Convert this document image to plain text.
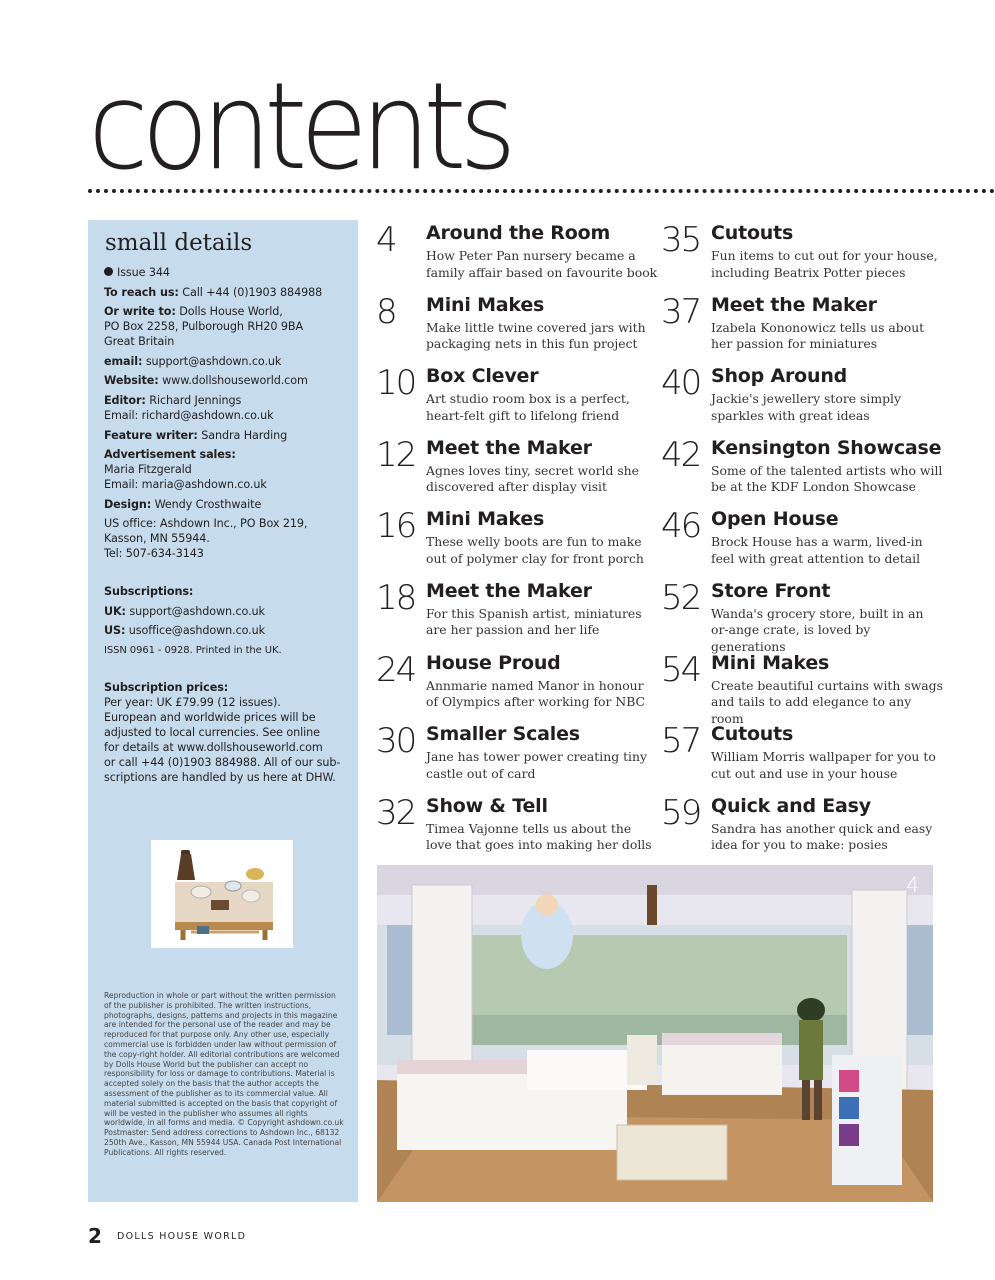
contents
small details
Issue 344
To reach us: Call +44 (0)1903 884988
Or write to: Dolls House World,
PO Box 2258, Pulborough RH20 9BA
Great Britain
email: support@ashdown.co.uk
Website: www.dollshouseworld.com
Editor: Richard Jennings
Email: richard@ashdown.co.uk
Feature writer: Sandra Harding
Advertisement sales:
Maria Fitzgerald
Email: maria@ashdown.co.uk
Design: Wendy Crosthwaite
US office: Ashdown Inc., PO Box 219,
Kasson, MN 55944.
Tel: 507-634-3143
Subscriptions:
UK: support@ashdown.co.uk
US: usoffice@ashdown.co.uk
ISSN 0961 - 0928. Printed in the UK.
Subscription prices:
Per year: UK £79.99 (12 issues).
European and worldwide prices will be
adjusted to local currencies. See online
for details at www.dollshouseworld.com
or call +44 (0)1903 884988. All of our sub-
scriptions are handled by us here at DHW.
Reproduction in whole or part without the written permission of the publisher is prohibited. The written instructions, photographs, designs, patterns and projects in this magazine are intended for the personal use of the reader and may be reproduced for that purpose only. Any other use, especially commercial use is forbidden under law without permission of the copy-right holder. All editorial contributions are welcomed by Dolls House World but the publisher can accept no responsibility for loss or damage to contributions. Material is accepted solely on the basis that the author accepts the assessment of the publisher as to its commercial value. All material submitted is accepted on the basis that copyright of will be vested in the publisher who assumes all rights worldwide, in all forms and media. © Copyright ashdown.co.uk Postmaster: Send address corrections to Ashdown Inc., 68132 250th Ave., Kasson, MN 55944 USA. Canada Post International Publications. All rights reserved.
4	Around the Room
How Peter Pan nursery became a family affair based on favourite book
8	Mini Makes
Make little twine covered jars with packaging nets in this fun project
10 Box Clever
Art studio room box is a perfect, heart-felt gift to lifelong friend
12 Meet the Maker
Agnes loves tiny, secret world she discovered after display visit
16 Mini Makes
These welly boots are fun to make out of polymer clay for front porch
18 Meet the Maker
For this Spanish artist, miniatures are her passion and her life
24 House Proud
Annmarie named Manor in honour of Olympics after working for NBC
30 Smaller Scales
Jane has tower power creating tiny castle out of card
32 Show & Tell
Timea Vajonne tells us about the love that goes into making her dolls
35 Cutouts
Fun items to cut out for your house, including Beatrix Potter pieces
37 Meet the Maker
Izabela Kononowicz tells us about her passion for miniatures
40 Shop Around
Jackie's jewellery store simply sparkles with great ideas
42 Kensington Showcase
Some of the talented artists who will be at the KDF London Showcase
46 Open House
Brock House has a warm, lived-in feel with great attention to detail
52 Store Front
Wanda's grocery store, built in an or-ange crate, is loved by generations
54 Mini Makes
Create beautiful curtains with swags and tails to add elegance to any room
57 Cutouts
William Morris wallpaper for you to cut out and use in your house
59 Quick and Easy
Sandra has another quick and easy idea for you to make: posies
4
2 DOLLS HOUSE WORLD
